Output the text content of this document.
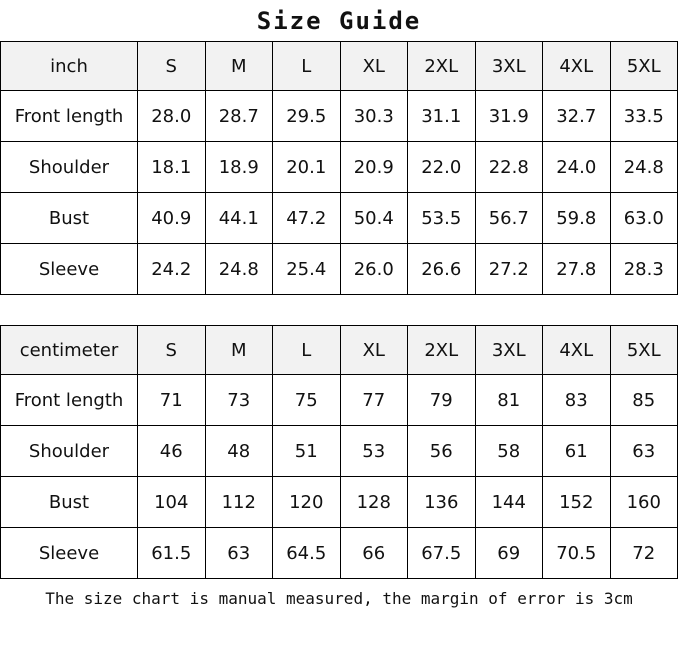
Size Guide
inch	S	M	L	XL	2XL	3XL	4XL	5XL
Front length	28.0	28.7	29.5	30.3	31.1	31.9	32.7	33.5
Shoulder	18.1	18.9	20.1	20.9	22.0	22.8	24.0	24.8
Bust	40.9	44.1	47.2	50.4	53.5	56.7	59.8	63.0
Sleeve	24.2	24.8	25.4	26.0	26.6	27.2	27.8	28.3
centimeter	S	M	L	XL	2XL	3XL	4XL	5XL
Front length	71	73	75	77	79	81	83	85
Shoulder	46	48	51	53	56	58	61	63
Bust	104	112	120	128	136	144	152	160
Sleeve	61.5	63	64.5	66	67.5	69	70.5	72
The size chart is manual measured, the margin of error is 3cm
